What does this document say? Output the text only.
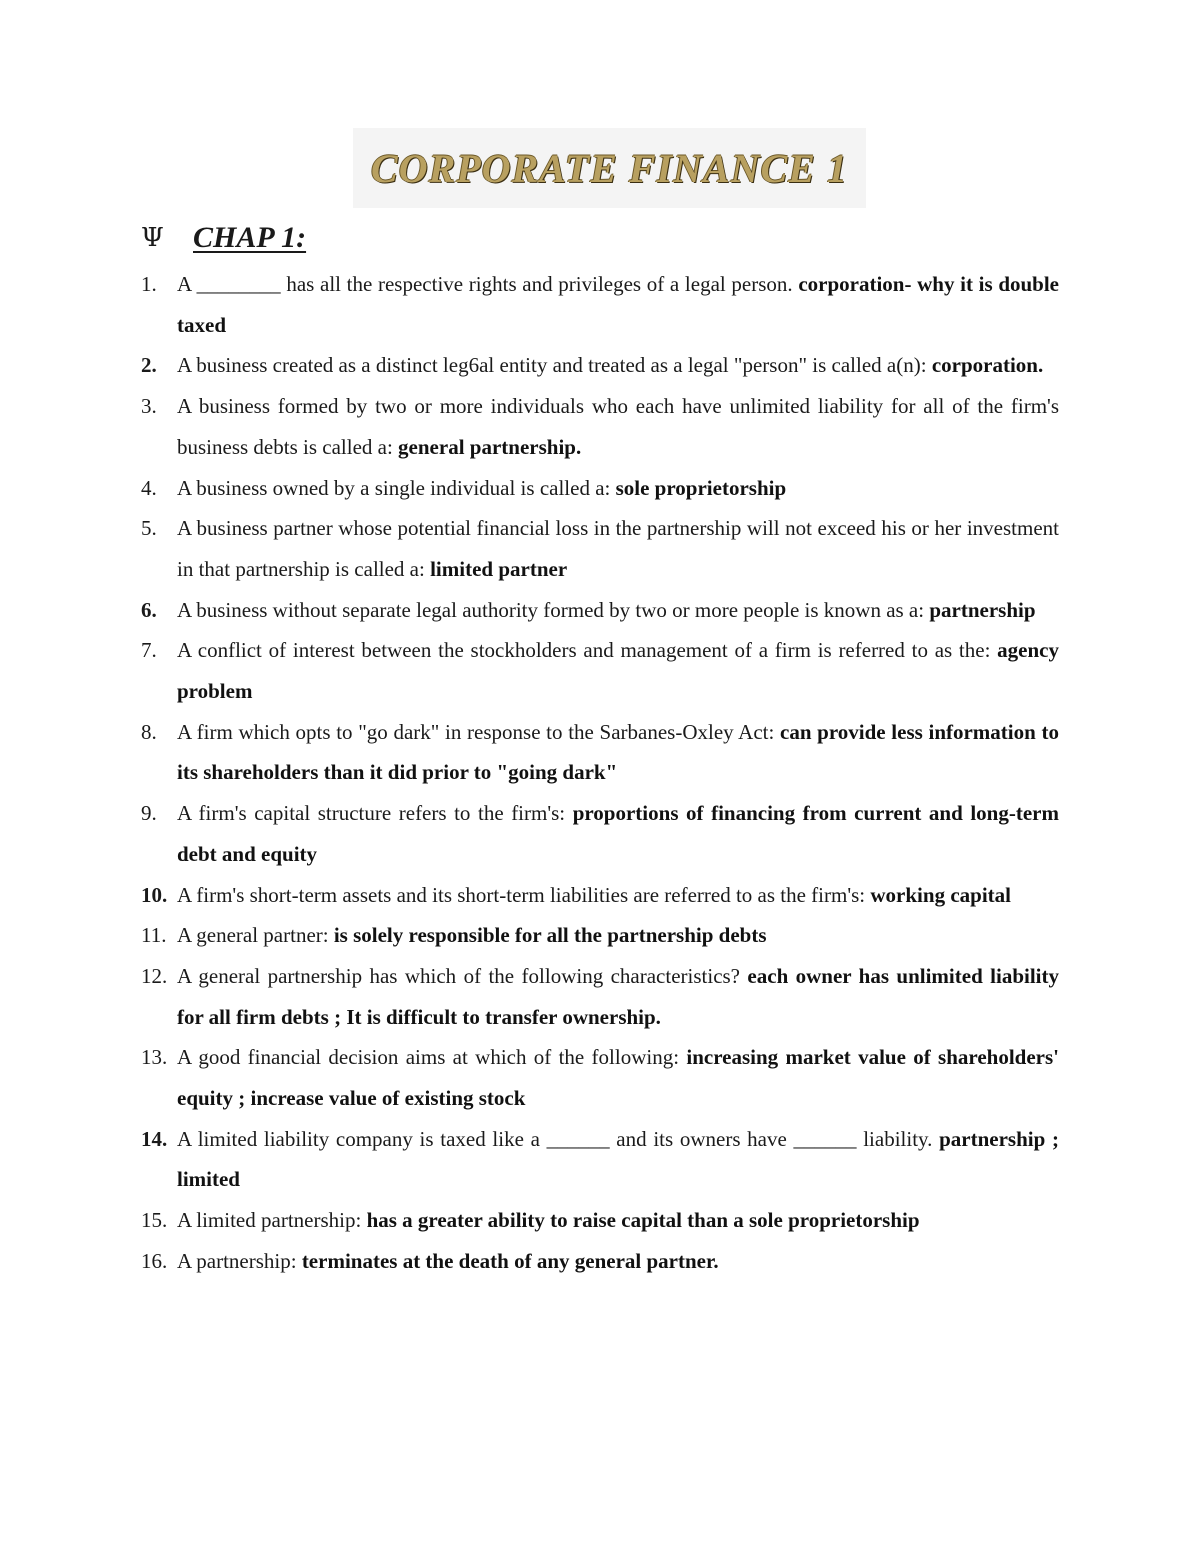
CORPORATE FINANCE 1
Ψ CHAP 1:
1. A ________ has all the respective rights and privileges of a legal person. corporation- why it is double taxed
2. A business created as a distinct leg6al entity and treated as a legal "person" is called a(n): corporation.
3. A business formed by two or more individuals who each have unlimited liability for all of the firm's business debts is called a: general partnership.
4. A business owned by a single individual is called a: sole proprietorship
5. A business partner whose potential financial loss in the partnership will not exceed his or her investment in that partnership is called a: limited partner
6. A business without separate legal authority formed by two or more people is known as a: partnership
7. A conflict of interest between the stockholders and management of a firm is referred to as the: agency problem
8. A firm which opts to "go dark" in response to the Sarbanes-Oxley Act: can provide less information to its shareholders than it did prior to "going dark"
9. A firm's capital structure refers to the firm's: proportions of financing from current and long-term debt and equity
10. A firm's short-term assets and its short-term liabilities are referred to as the firm's: working capital
11. A general partner: is solely responsible for all the partnership debts
12. A general partnership has which of the following characteristics? each owner has unlimited liability for all firm debts ; It is difficult to transfer ownership.
13. A good financial decision aims at which of the following: increasing market value of shareholders' equity ; increase value of existing stock
14. A limited liability company is taxed like a ______ and its owners have ______ liability. partnership ; limited
15. A limited partnership: has a greater ability to raise capital than a sole proprietorship
16. A partnership: terminates at the death of any general partner.
